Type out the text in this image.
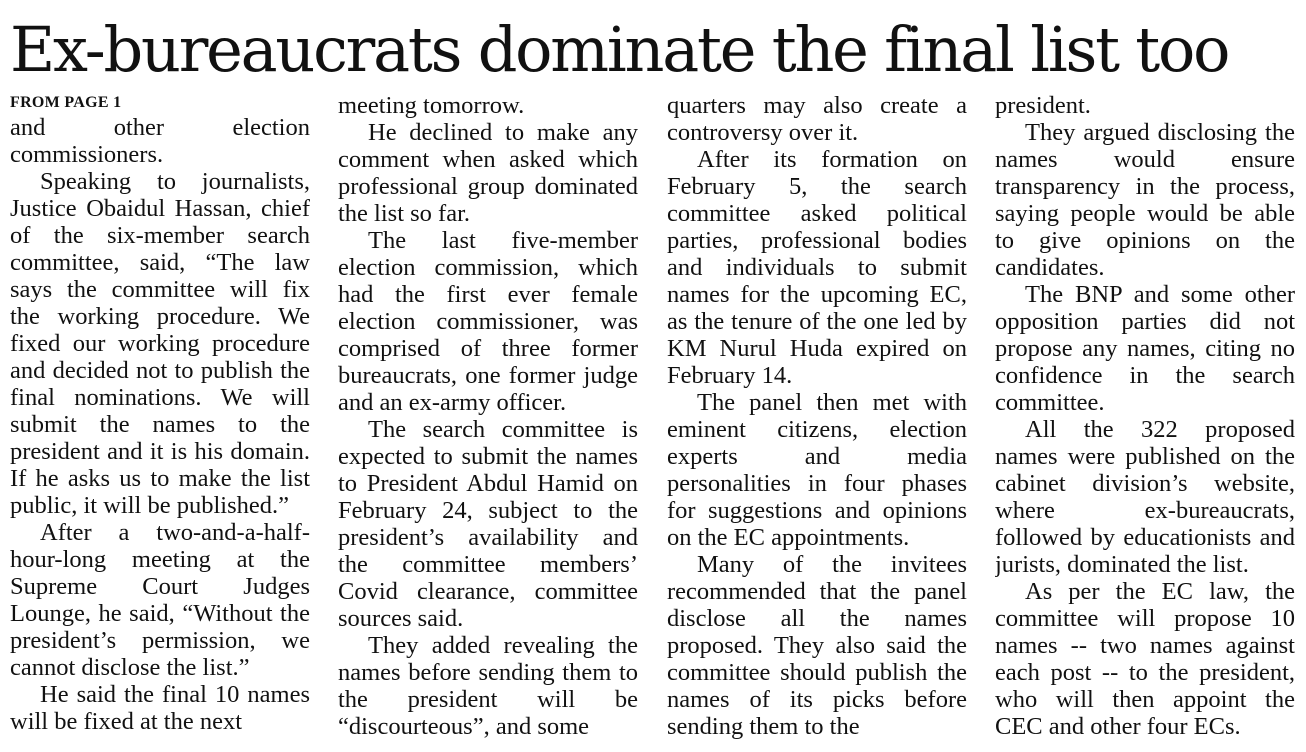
Ex-bureaucrats dominate the final list too
FROM PAGE 1

and other election commissioners.

Speaking to journalists, Justice Obaidul Hassan, chief of the six-member search committee, said, “The law says the committee will fix the working procedure. We fixed our working procedure and decided not to publish the final nominations. We will submit the names to the president and it is his domain. If he asks us to make the list public, it will be published.”

After a two-and-a-half-hour-long meeting at the Supreme Court Judges Lounge, he said, “Without the president’s permission, we cannot disclose the list.”

He said the final 10 names will be fixed at the next

meeting tomorrow.

He declined to make any comment when asked which professional group dominated the list so far.

The last five-member election commission, which had the first ever female election commissioner, was comprised of three former bureaucrats, one former judge and an ex-army officer.

The search committee is expected to submit the names to President Abdul Hamid on February 24, subject to the president’s availability and the committee members’ Covid clearance, committee sources said.

They added revealing the names before sending them to the president will be “discourteous”, and some

quarters may also create a controversy over it.

After its formation on February 5, the search committee asked political parties, professional bodies and individuals to submit names for the upcoming EC, as the tenure of the one led by KM Nurul Huda expired on February 14.

The panel then met with eminent citizens, election experts and media personalities in four phases for suggestions and opinions on the EC appointments.

Many of the invitees recommended that the panel disclose all the names proposed. They also said the committee should publish the names of its picks before sending them to the

president.

They argued disclosing the names would ensure transparency in the process, saying people would be able to give opinions on the candidates.

The BNP and some other opposition parties did not propose any names, citing no confidence in the search committee.

All the 322 proposed names were published on the cabinet division’s website, where ex-bureaucrats, followed by educationists and jurists, dominated the list.

As per the EC law, the committee will propose 10 names -- two names against each post -- to the president, who will then appoint the CEC and other four ECs.
